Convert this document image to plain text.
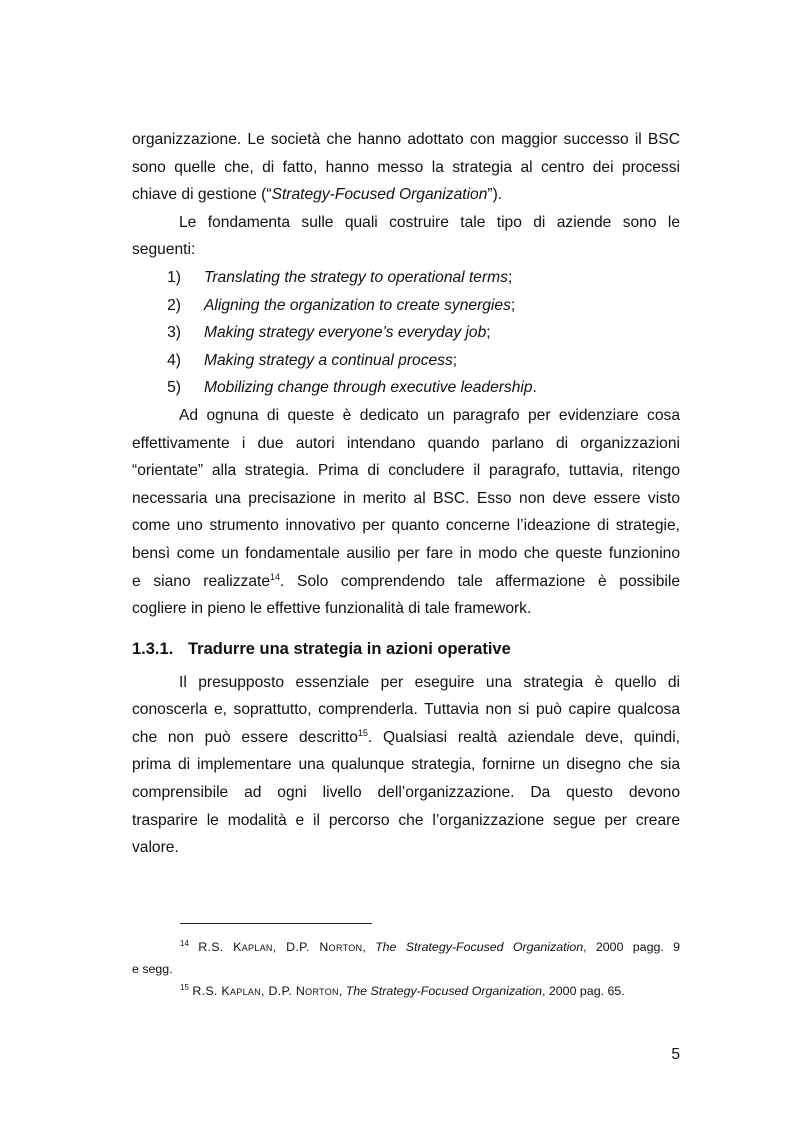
organizzazione. Le società che hanno adottato con maggior successo il BSC
sono quelle che, di fatto, hanno messo la strategia al centro dei processi
chiave di gestione (“Strategy-Focused Organization”).
Le fondamenta sulle quali costruire tale tipo di aziende sono le
seguenti:
1)	Translating the strategy to operational terms;
2)	Aligning the organization to create synergies;
3)	Making strategy everyone’s everyday job;
4)	Making strategy a continual process;
5)	Mobilizing change through executive leadership.
Ad ognuna di queste è dedicato un paragrafo per evidenziare cosa
effettivamente i due autori intendano quando parlano di organizzazioni
“orientate” alla strategia. Prima di concludere il paragrafo, tuttavia, ritengo
necessaria una precisazione in merito al BSC. Esso non deve essere visto
come uno strumento innovativo per quanto concerne l’ideazione di strategie,
bensì come un fondamentale ausilio per fare in modo che queste funzionino
e siano realizzate$^{14}$. Solo comprendendo tale affermazione è possibile
cogliere in pieno le effettive funzionalità di tale framework.
1.3.1. Tradurre una strategia in azioni operative
Il presupposto essenziale per eseguire una strategia è quello di
conoscerla e, soprattutto, comprenderla. Tuttavia non si può capire qualcosa
che non può essere descritto$^{15}$. Qualsiasi realtà aziendale deve, quindi,
prima di implementare una qualunque strategia, fornirne un disegno che sia
comprensibile ad ogni livello dell’organizzazione. Da questo devono
trasparire le modalità e il percorso che l’organizzazione segue per creare
valore.
$^{14}$ R.S. Kaplan, D.P. Norton, The Strategy-Focused Organization, 2000 pagg. 9
e segg.
$^{15}$ R.S. Kaplan, D.P. Norton, The Strategy-Focused Organization, 2000 pag. 65.
5
